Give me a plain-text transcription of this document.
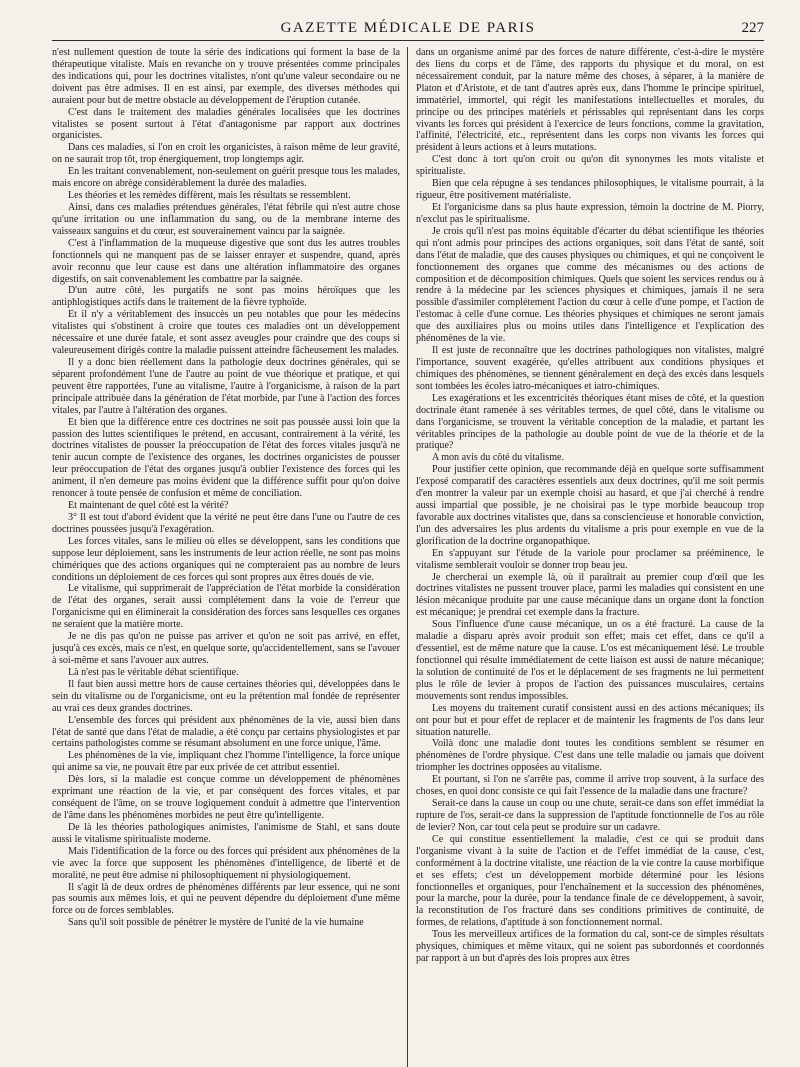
GAZETTE MÉDICALE DE PARIS	227

n'est nullement question de toute la série des indications qui forment la base de la thérapeutique vitaliste. Mais en revanche on y trouve présentées comme principales des indications qui, pour les doctrines vitalistes, n'ont qu'une valeur secondaire ou ne doivent pas être admises. Il en est ainsi, par exemple, des diverses méthodes qui auraient pour but de mettre obstacle au développement de l'éruption cutanée.

C'est dans le traitement des maladies générales localisées que les doctrines vitalistes se posent surtout à l'état d'antagonisme par rapport aux doctrines organicistes.

Dans ces maladies, si l'on en croit les organicistes, à raison même de leur gravité, on ne saurait trop tôt, trop énergiquement, trop longtemps agir.

En les traitant convenablement, non-seulement on guérit presque tous les malades, mais encore on abrège considérablement la durée des maladies.

Les théories et les remèdes diffèrent, mais les résultats se ressemblent.

Ainsi, dans ces maladies prétendues générales, l'état fébrile qui n'est autre chose qu'une irritation ou une inflammation du sang, ou de la membrane interne des vaisseaux sanguins et du cœur, est souverainement vaincu par la saignée.

C'est à l'inflammation de la muqueuse digestive que sont dus les autres troubles fonctionnels qui ne manquent pas de se laisser enrayer et suspendre, quand, après avoir reconnu que leur cause est dans une altération inflammatoire des organes digestifs, on sait convenablement les combattre par la saignée.

D'un autre côté, les purgatifs ne sont pas moins héroïques que les antiphlogistiques actifs dans le traitement de la fièvre typhoïde.

Et il n'y a véritablement des insuccès un peu notables que pour les médecins vitalistes qui s'obstinent à croire que toutes ces maladies ont un développement nécessaire et une durée fatale, et sont assez aveugles pour craindre que des coups si valeureusement dirigés contre la maladie puissent atteindre fâcheusement les malades.

Il y a donc bien réellement dans la pathologie deux doctrines générales, qui se séparent profondément l'une de l'autre au point de vue théorique et pratique, et qui peuvent être rapportées, l'une au vitalisme, l'autre à l'organicisme, à raison de la part principale attribuée dans la génération de l'état morbide, par l'une à l'action des forces vitales, par l'autre à l'altération des organes.

Et bien que la différence entre ces doctrines ne soit pas poussée aussi loin que la passion des luttes scientifiques le prétend, en accusant, contrairement à la vérité, les doctrines vitalistes de pousser la préoccupation de l'état des forces vitales jusqu'à ne tenir aucun compte de l'existence des organes, les doctrines organicistes de pousser leur préoccupation de l'état des organes jusqu'à oublier l'existence des forces qui les animent, il n'en demeure pas moins évident que la différence suffit pour qu'on doive renoncer à toute pensée de confusion et même de conciliation.

Et maintenant de quel côté est la vérité?

3° Il est tout d'abord évident que la vérité ne peut être dans l'une ou l'autre de ces doctrines poussées jusqu'à l'exagération.

Les forces vitales, sans le milieu où elles se développent, sans les conditions que suppose leur déploiement, sans les instruments de leur action réelle, ne sont pas moins chimériques que des actions organiques qui ne compteraient pas au nombre de leurs conditions un déploiement de ces forces qui sont propres aux êtres doués de vie.

Le vitalisme, qui supprimerait de l'appréciation de l'état morbide la considération de l'état des organes, serait aussi complétement dans la voie de l'erreur que l'organicisme qui en éliminerait la considération des forces sans lesquelles ces organes ne seraient que la matière morte.

Je ne dis pas qu'on ne puisse pas arriver et qu'on ne soit pas arrivé, en effet, jusqu'à ces excès, mais ce n'est, en quelque sorte, qu'accidentellement, sans se l'avouer à soi-même et sans l'avouer aux autres.

Là n'est pas le véritable débat scientifique.

Il faut bien aussi mettre hors de cause certaines théories qui, développées dans le sein du vitalisme ou de l'organicisme, ont eu la prétention mal fondée de représenter au vrai ces deux grandes doctrines.

L'ensemble des forces qui président aux phénomènes de la vie, aussi bien dans l'état de santé que dans l'état de maladie, a été conçu par certains physiologistes et par certains pathologistes comme se résumant absolument en une force unique, l'âme.

Les phénomènes de la vie, impliquant chez l'homme l'intelligence, la force unique qui anime sa vie, ne pouvait être par eux privée de cet attribut essentiel.

Dès lors, si la maladie est conçue comme un développement de phénomènes exprimant une réaction de la vie, et par conséquent des forces vitales, et par conséquent de l'âme, on se trouve logiquement conduit à admettre que l'intervention de l'âme dans les phénomènes morbides ne peut être qu'intelligente.

De là les théories pathologiques animistes, l'animisme de Stahl, et sans doute aussi le vitalisme spiritualiste moderne.

Mais l'identification de la force ou des forces qui président aux phénomènes de la vie avec la force que supposent les phénomènes d'intelligence, de liberté et de moralité, ne peut être admise ni philosophiquement ni physiologiquement.

Il s'agit là de deux ordres de phénomènes différents par leur essence, qui ne sont pas soumis aux mêmes lois, et qui ne peuvent dépendre du déploiement d'une même force ou de forces semblables.

Sans qu'il soit possible de pénétrer le mystère de l'unité de la vie humaine

dans un organisme animé par des forces de nature différente, c'est-à-dire le mystère des liens du corps et de l'âme, des rapports du physique et du moral, on est nécessairement conduit, par la nature même des choses, à séparer, à la manière de Platon et d'Aristote, et de tant d'autres après eux, dans l'homme le principe spirituel, immatériel, immortel, qui régit les manifestations intellectuelles et morales, du principe ou des principes matériels et périssables qui représentant dans les corps vivants les forces qui président à l'exercice de leurs fonctions, comme la gravitation, l'affinité, l'électricité, etc., représentent dans les corps non vivants les forces qui président à leurs actions et à leurs mutations.

C'est donc à tort qu'on croit ou qu'on dit synonymes les mots vitaliste et spiritualiste.

Bien que cela répugne à ses tendances philosophiques, le vitalisme pourrait, à la rigueur, être positivement matérialiste.

Et l'organicisme dans sa plus haute expression, témoin la doctrine de M. Piorry, n'exclut pas le spiritualisme.

Je crois qu'il n'est pas moins équitable d'écarter du débat scientifique les théories qui n'ont admis pour principes des actions organiques, soit dans l'état de santé, soit dans l'état de maladie, que des causes physiques ou chimiques, et qui ne conçoivent le fonctionnement des organes que comme des mécanismes ou des actions de composition et de décomposition chimiques. Quels que soient les services rendus ou à rendre à la médecine par les sciences physiques et chimiques, jamais il ne sera possible d'assimiler complétement l'action du cœur à celle d'une pompe, et l'action de l'estomac à celle d'une cornue. Les théories physiques et chimiques ne seront jamais que des auxiliaires plus ou moins utiles dans l'intelligence et l'explication des phénomènes de la vie.

Il est juste de reconnaître que les doctrines pathologiques non vitalistes, malgré l'importance, souvent exagérée, qu'elles attribuent aux conditions physiques et chimiques des phénomènes, se tiennent généralement en deçà des excès dans lesquels sont tombées les écoles iatro-mécaniques et iatro-chimiques.

Les exagérations et les excentricités théoriques étant mises de côté, et la question doctrinale étant ramenée à ses véritables termes, de quel côté, dans le vitalisme ou dans l'organicisme, se trouvent la véritable conception de la maladie, et partant les véritables principes de la pathologie au double point de vue de la théorie et de la pratique?

A mon avis du côté du vitalisme.

Pour justifier cette opinion, que recommande déjà en quelque sorte suffisamment l'exposé comparatif des caractères essentiels aux deux doctrines, qu'il me soit permis d'en montrer la valeur par un exemple choisi au hasard, et que j'ai cherché à rendre aussi impartial que possible, je ne choisirai pas le type morbide beaucoup trop favorable aux doctrines vitalistes que, dans sa consciencieuse et honorable conviction, l'un des adversaires les plus ardents du vitalisme a pris pour exemple en vue de la glorification de la doctrine organopathique.

En s'appuyant sur l'étude de la variole pour proclamer sa prééminence, le vitalisme semblerait vouloir se donner trop beau jeu.

Je chercherai un exemple là, où il paraîtrait au premier coup d'œil que les doctrines vitalistes ne pussent trouver place, parmi les maladies qui consistent en une lésion mécanique produite par une cause mécanique dans un organe dont la fonction est mécanique; je prendrai cet exemple dans la fracture.

Sous l'influence d'une cause mécanique, un os a été fracturé. La cause de la maladie a disparu après avoir produit son effet; mais cet effet, dans ce qu'il a d'essentiel, est de même nature que la cause. L'os est mécaniquement lésé. Le trouble fonctionnel qui résulte immédiatement de cette liaison est aussi de nature mécanique; la solution de continuité de l'os et le déplacement de ses fragments ne lui permettent plus le rôle de levier à propos de l'action des puissances musculaires, certains mouvements sont rendus impossibles.

Les moyens du traitement curatif consistent aussi en des actions mécaniques; ils ont pour but et pour effet de replacer et de maintenir les fragments de l'os dans leur situation naturelle.

Voilà donc une maladie dont toutes les conditions semblent se résumer en phénomènes de l'ordre physique. C'est dans une telle maladie ou jamais que doivent triompher les doctrines opposées au vitalisme.

Et pourtant, si l'on ne s'arrête pas, comme il arrive trop souvent, à la surface des choses, en quoi donc consiste ce qui fait l'essence de la maladie dans une fracture?

Serait-ce dans la cause un coup ou une chute, serait-ce dans son effet immédiat la rupture de l'os, serait-ce dans la suppression de l'aptitude fonctionnelle de l'os au rôle de levier? Non, car tout cela peut se produire sur un cadavre.

Ce qui constitue essentiellement la maladie, c'est ce qui se produit dans l'organisme vivant à la suite de l'action et de l'effet immédiat de la cause, c'est, conformément à la doctrine vitaliste, une réaction de la vie contre la cause morbifique et ses effets; c'est un développement morbide déterminé pour les lésions fonctionnelles et organiques, pour l'enchaînement et la succession des phénomènes, pour la marche, pour la durée, pour la tendance finale de ce développement, à savoir, la reconstitution de l'os fracturé dans ses conditions primitives de continuité, de formes, de relations, d'aptitude à son fonctionnement normal.

Tous les merveilleux artifices de la formation du cal, sont-ce de simples résultats physiques, chimiques et même vitaux, qui ne soient pas subordonnés et coordonnés par rapport à un but d'après des lois propres aux êtres
